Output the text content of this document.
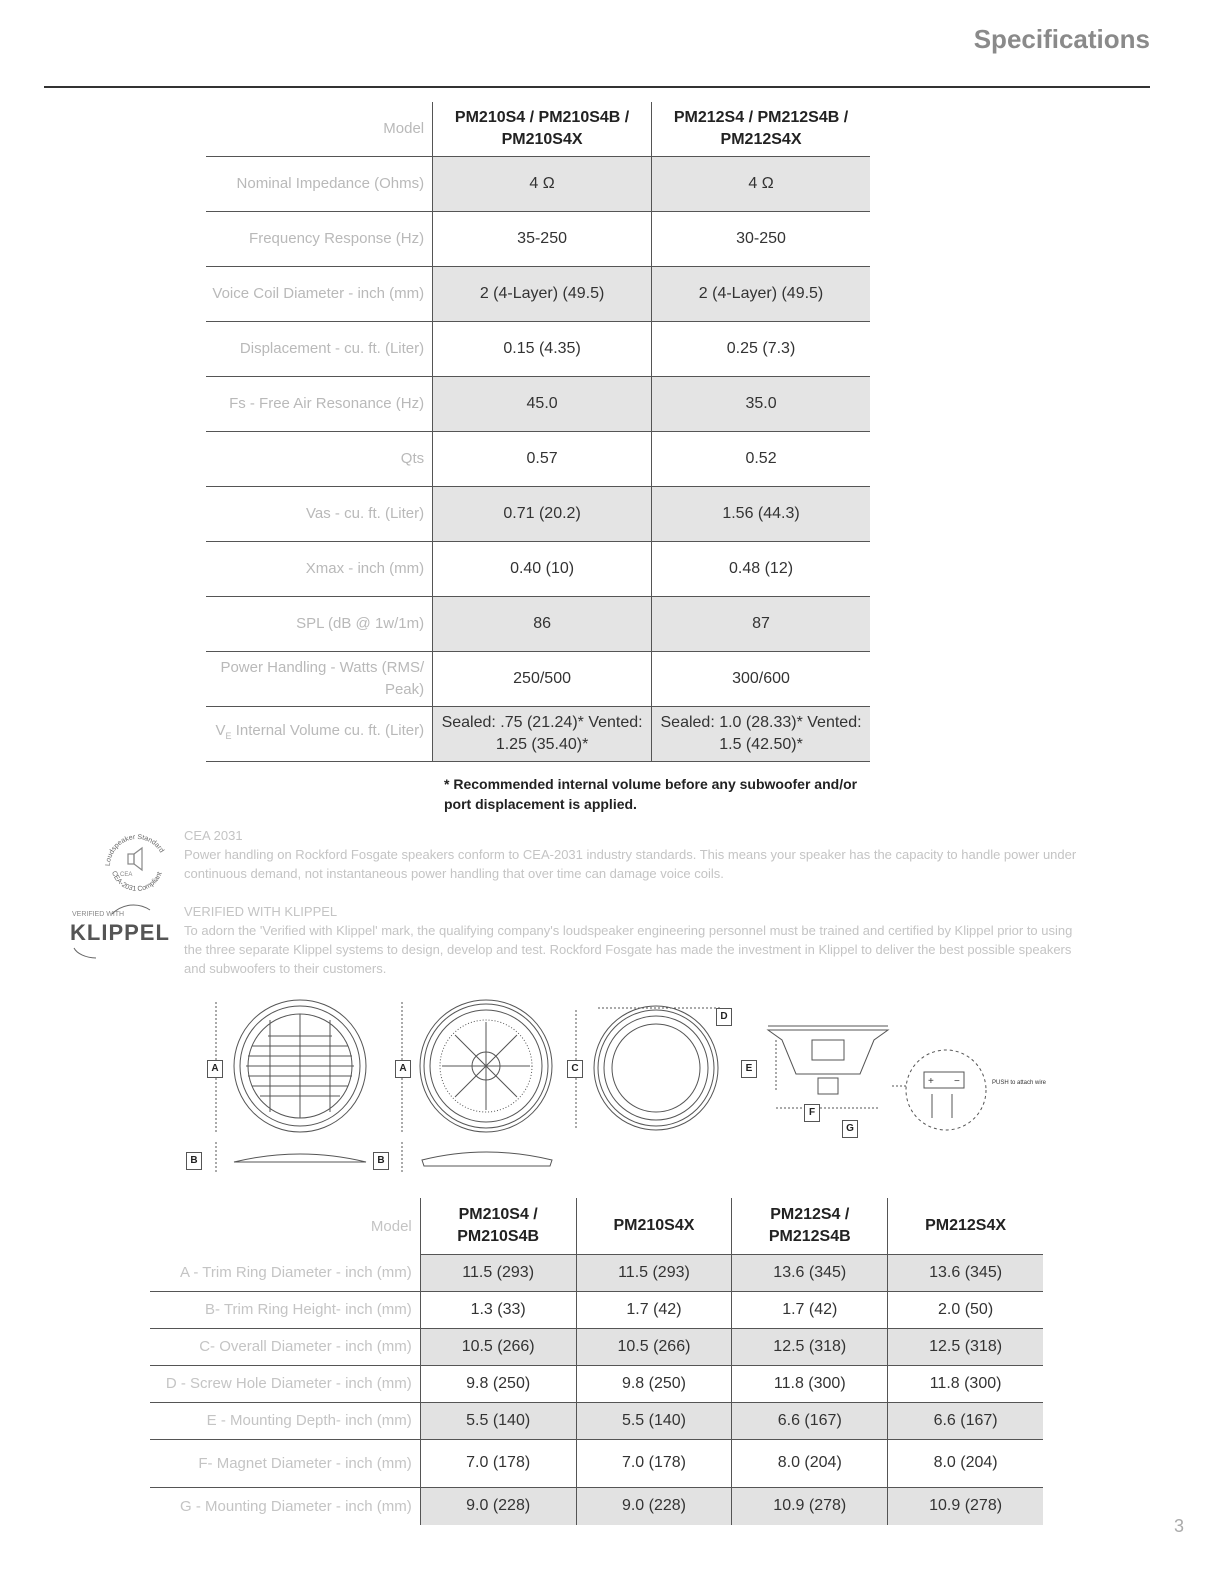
Specifications
Model	PM210S4 / PM210S4B / PM210S4X	PM212S4 / PM212S4B / PM212S4X
Nominal Impedance (Ohms)	4 Ω	4 Ω
Frequency Response (Hz)	35-250	30-250
Voice Coil Diameter - inch (mm)	2 (4-Layer) (49.5)	2 (4-Layer) (49.5)
Displacement - cu. ft. (Liter)	0.15 (4.35)	0.25 (7.3)
Fs - Free Air Resonance (Hz)	45.0	35.0
Qts	0.57	0.52
Vas - cu. ft. (Liter)	0.71 (20.2)	1.56 (44.3)
Xmax - inch (mm)	0.40 (10)	0.48 (12)
SPL (dB @ 1w/1m)	86	87
Power Handling - Watts (RMS/ Peak)	250/500	300/600
$V_E$ Internal Volume cu. ft. (Liter)	Sealed: .75 (21.24)* Vented: 1.25 (35.40)*	Sealed: 1.0 (28.33)* Vented: 1.5 (42.50)*
* Recommended internal volume before any subwoofer and/or port displacement is applied.
Loudspeaker Standard
CEA-2031 Compliant
CEA
CEA 2031
Power handling on Rockford Fosgate speakers conform to CEA-2031 industry standards. This means your speaker has the capacity to handle power under continuous demand, not instantaneous power handling that over time can damage voice coils.
VERIFIED WITH
KLIPPEL
VERIFIED WITH KLIPPEL
To adorn the 'Verified with Klippel' mark, the qualifying company's loudspeaker engineering personnel must be trained and certified by Klippel prior to using the three separate Klippel systems to design, develop and test. Rockford Fosgate has made the investment in Klippel to deliver the best possible speakers and subwoofers to their customers.
+ −	PUSH to attach wire
A
B
A
B
C
D
E
F
G
Model	PM210S4 / PM210S4B	PM210S4X	PM212S4 / PM212S4B	PM212S4X
A - Trim Ring Diameter - inch (mm)	11.5 (293)	11.5 (293)	13.6 (345)	13.6 (345)
B- Trim Ring Height- inch (mm)	1.3 (33)	1.7 (42)	1.7 (42)	2.0 (50)
C- Overall Diameter - inch (mm)	10.5 (266)	10.5 (266)	12.5 (318)	12.5 (318)
D - Screw Hole Diameter - inch (mm)	9.8 (250)	9.8 (250)	11.8 (300)	11.8 (300)
E - Mounting Depth- inch (mm)	5.5 (140)	5.5 (140)	6.6 (167)	6.6 (167)
F- Magnet Diameter - inch (mm)	7.0 (178)	7.0 (178)	8.0 (204)	8.0 (204)
G - Mounting Diameter - inch (mm)	9.0 (228)	9.0 (228)	10.9 (278)	10.9 (278)
3
